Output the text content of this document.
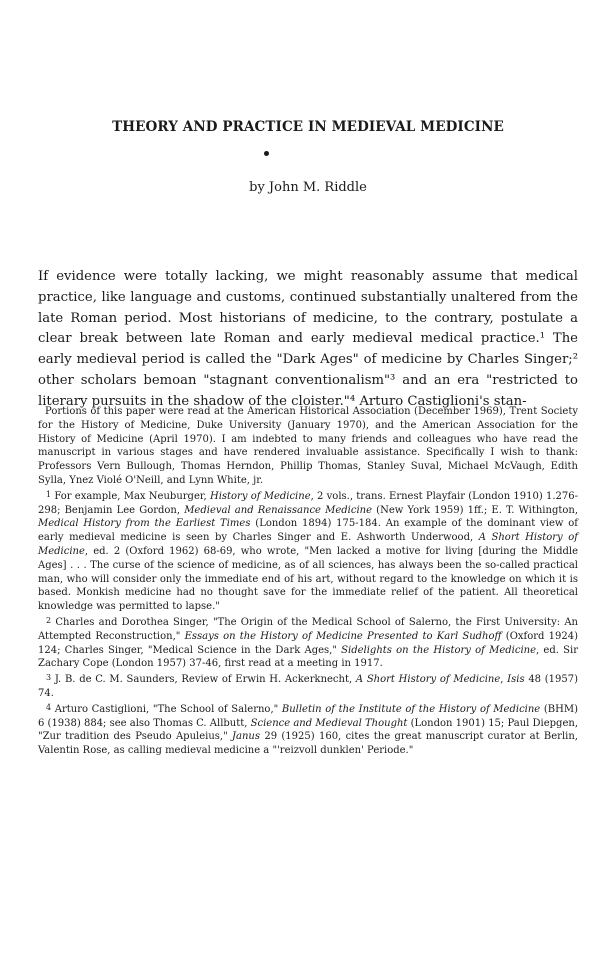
THEORY AND PRACTICE IN MEDIEVAL MEDICINE
by John M. Riddle
If evidence were totally lacking, we might reasonably assume that medical practice, like language and customs, continued substantially unaltered from the late Roman period. Most historians of medicine, to the contrary, postulate a clear break between late Roman and early medieval medical practice.¹ The early medieval period is called the "Dark Ages" of medicine by Charles Singer;² other scholars bemoan "stagnant conventionalism"³ and an era "restricted to literary pursuits in the shadow of the cloister."⁴ Arturo Castiglioni's stan-

Portions of this paper were read at the American Historical Association (December 1969), Trent Society for the History of Medicine, Duke University (January 1970), and the American Association for the History of Medicine (April 1970). I am indebted to many friends and colleagues who have read the manuscript in various stages and have rendered invaluable assistance. Specifically I wish to thank: Professors Vern Bullough, Thomas Herndon, Phillip Thomas, Stanley Suval, Michael McVaugh, Edith Sylla, Ynez Violé O'Neill, and Lynn White, jr.

$^1$ For example, Max Neuburger, History of Medicine, 2 vols., trans. Ernest Playfair (London 1910) 1.276-298; Benjamin Lee Gordon, Medieval and Renaissance Medicine (New York 1959) 1ff.; E. T. Withington, Medical History from the Earliest Times (London 1894) 175-184. An example of the dominant view of early medieval medicine is seen by Charles Singer and E. Ashworth Underwood, A Short History of Medicine, ed. 2 (Oxford 1962) 68-69, who wrote, "Men lacked a motive for living [during the Middle Ages] . . . The curse of the science of medicine, as of all sciences, has always been the so-called practical man, who will consider only the immediate end of his art, without regard to the knowledge on which it is based. Monkish medicine had no thought save for the immediate relief of the patient. All theoretical knowledge was permitted to lapse."

$^2$ Charles and Dorothea Singer, "The Origin of the Medical School of Salerno, the First University: An Attempted Reconstruction," Essays on the History of Medicine Presented to Karl Sudhoff (Oxford 1924) 124; Charles Singer, "Medical Science in the Dark Ages," Sidelights on the History of Medicine, ed. Sir Zachary Cope (London 1957) 37-46, first read at a meeting in 1917.

$^3$ J. B. de C. M. Saunders, Review of Erwin H. Ackerknecht, A Short History of Medicine, Isis 48 (1957) 74.

$^4$ Arturo Castiglioni, "The School of Salerno," Bulletin of the Institute of the History of Medicine (BHM) 6 (1938) 884; see also Thomas C. Allbutt, Science and Medieval Thought (London 1901) 15; Paul Diepgen, "Zur tradition des Pseudo Apuleius," Janus 29 (1925) 160, cites the great manuscript curator at Berlin, Valentin Rose, as calling medieval medicine a "'reizvoll dunklen' Periode."
